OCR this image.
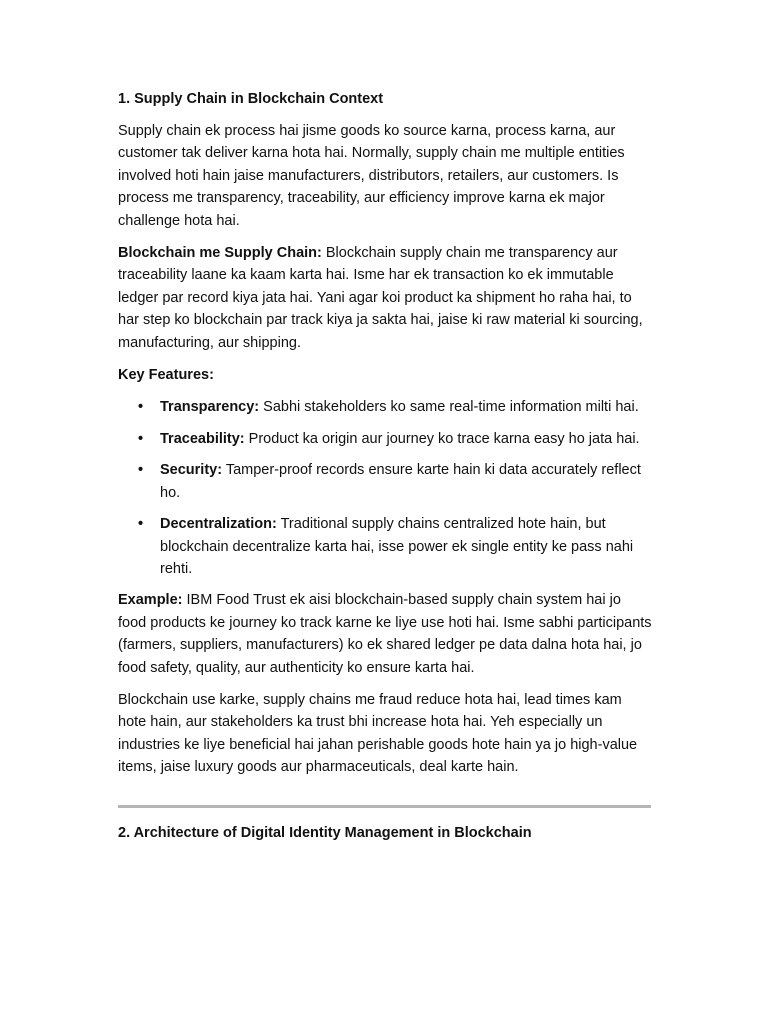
1. Supply Chain in Blockchain Context

Supply chain ek process hai jisme goods ko source karna, process karna, aur customer tak deliver karna hota hai. Normally, supply chain me multiple entities involved hoti hain jaise manufacturers, distributors, retailers, aur customers. Is process me transparency, traceability, aur efficiency improve karna ek major challenge hota hai.

Blockchain me Supply Chain: Blockchain supply chain me transparency aur traceability laane ka kaam karta hai. Isme har ek transaction ko ek immutable ledger par record kiya jata hai. Yani agar koi product ka shipment ho raha hai, to har step ko blockchain par track kiya ja sakta hai, jaise ki raw material ki sourcing, manufacturing, aur shipping.

Key Features:

• Transparency: Sabhi stakeholders ko same real-time information milti hai.
• Traceability: Product ka origin aur journey ko trace karna easy ho jata hai.
• Security: Tamper-proof records ensure karte hain ki data accurately reflect ho.
• Decentralization: Traditional supply chains centralized hote hain, but blockchain decentralize karta hai, isse power ek single entity ke pass nahi rehti.

Example: IBM Food Trust ek aisi blockchain-based supply chain system hai jo food products ke journey ko track karne ke liye use hoti hai. Isme sabhi participants (farmers, suppliers, manufacturers) ko ek shared ledger pe data dalna hota hai, jo food safety, quality, aur authenticity ko ensure karta hai.

Blockchain use karke, supply chains me fraud reduce hota hai, lead times kam hote hain, aur stakeholders ka trust bhi increase hota hai. Yeh especially un industries ke liye beneficial hai jahan perishable goods hote hain ya jo high-value items, jaise luxury goods aur pharmaceuticals, deal karte hain.

2. Architecture of Digital Identity Management in Blockchain
